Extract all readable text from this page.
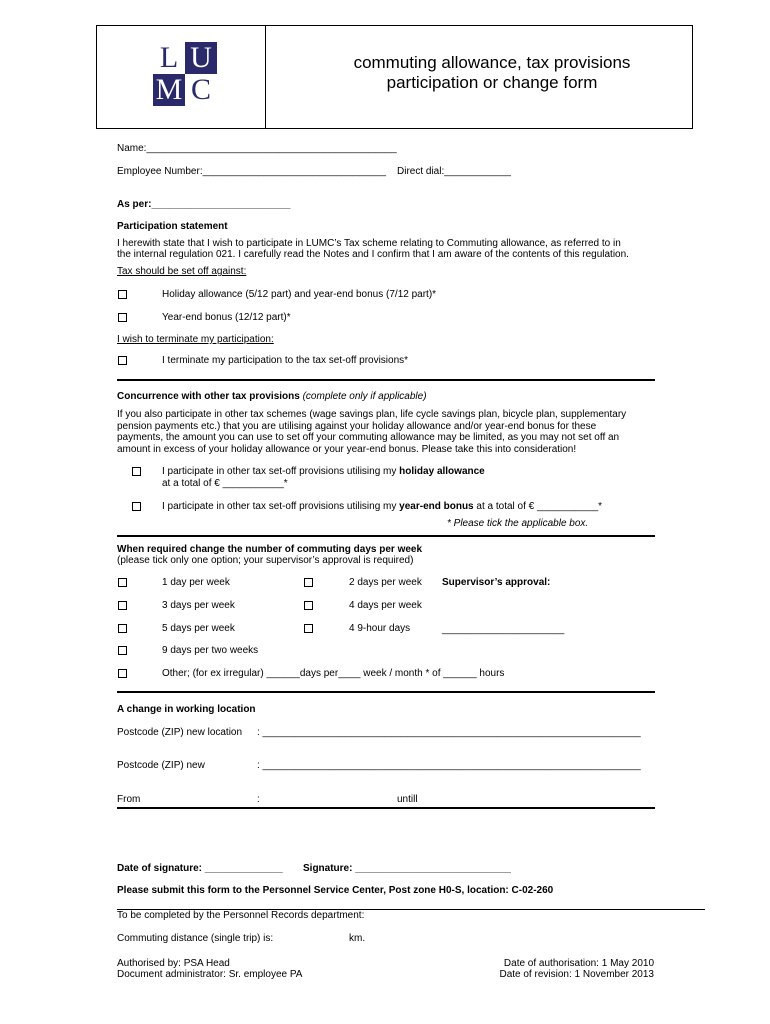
L U
M C
commuting allowance, tax provisions
participation or change form
Name:_____________________________________________
Employee Number:_________________________________ Direct dial:____________
As per:_________________________
Participation statement
I herewith state that I wish to participate in LUMC’s Tax scheme relating to Commuting allowance, as referred to in
the internal regulation 021. I carefully read the Notes and I confirm that I am aware of the contents of this regulation.
Tax should be set off against:
Holiday allowance (5/12 part) and year-end bonus (7/12 part)*
Year-end bonus (12/12 part)*
I wish to terminate my participation:
I terminate my participation to the tax set-off provisions*
Concurrence with other tax provisions (complete only if applicable)
If you also participate in other tax schemes (wage savings plan, life cycle savings plan, bicycle plan, supplementary
pension payments etc.) that you are utilising against your holiday allowance and/or year-end bonus for these
payments, the amount you can use to set off your commuting allowance may be limited, as you may not set off an
amount in excess of your holiday allowance or your year-end bonus. Please take this into consideration!
I participate in other tax set-off provisions utilising my holiday allowance
at a total of € ___________*
I participate in other tax set-off provisions utilising my year-end bonus at a total of € ___________*
* Please tick the applicable box.
When required change the number of commuting days per week
(please tick only one option; your supervisor’s approval is required)
1 day per week	2 days per week Supervisor’s approval:
3 days per week	4 days per week
5 days per week	4 9-hour days	______________________
9 days per two weeks
Other; (for ex irregular) ______days per____ week / month * of ______ hours
A change in working location
Postcode (ZIP) new location : ____________________________________________________________________
Postcode (ZIP) new	: ____________________________________________________________________
From	:	untill
Date of signature: ______________ Signature: ____________________________
Please submit this form to the Personnel Service Center, Post zone H0-S, location: C-02-260
To be completed by the Personnel Records department:
Commuting distance (single trip) is:	km.
Authorised by: PSA Head
Document administrator: Sr. employee PA
Date of authorisation: 1 May 2010
Date of revision: 1 November 2013
